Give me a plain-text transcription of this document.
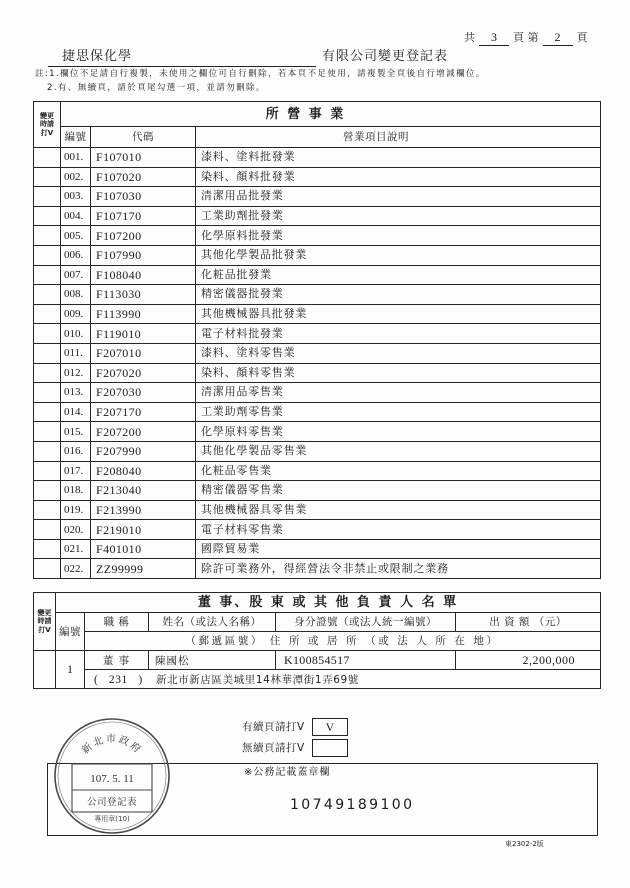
共 3 頁 第 2 頁
捷思保化學	有限公司變更登記表
註:1.欄位不足請自行複製，未使用之欄位可自行刪除，若本頁不足使用，請複製全頁後自行增減欄位。
2.有、無續頁，請於頁尾勾選一項，並請勿刪除。
變更
時請
打V	所 營 事 業		
	編號	代碼	營業項目說明
	001.	F107010	漆料、塗料批發業
	002.	F107020	染料、顏料批發業
	003.	F107030	清潔用品批發業
	004.	F107170	工業助劑批發業
	005.	F107200	化學原料批發業
	006.	F107990	其他化學製品批發業
	007.	F108040	化粧品批發業
	008.	F113030	精密儀器批發業
	009.	F113990	其他機械器具批發業
	010.	F119010	電子材料批發業
	011.	F207010	漆料、塗料零售業
	012.	F207020	染料、顏料零售業
	013.	F207030	清潔用品零售業
	014.	F207170	工業助劑零售業
	015.	F207200	化學原料零售業
	016.	F207990	其他化學製品零售業
	017.	F208040	化粧品零售業
	018.	F213040	精密儀器零售業
	019.	F213990	其他機械器具零售業
	020.	F219010	電子材料零售業
	021.	F401010	國際貿易業
	022.	ZZ99999	除許可業務外，得經營法令非禁止或限制之業務
變更
時請
打V	董 事、股 東 或 其 他 負 責 人 名 單				
	編號	職 稱	姓名（或法人名稱）	身分證號（或法人統一編號）	出 資 額 （元）
		（郵遞區號） 住 所 或 居 所 （或 法 人 所 在 地）			
	1	董 事	陳國松	K100854517	2,200,000
		(   231   ) 新北市新店區美城里14林華潭街1弄69號			
有續頁請打V	V
無續頁請打V
※公務記載蓋章欄
10749189100
東2302-2版
新北市政府
107. 5. 11
公司登記表
專用章(10)
